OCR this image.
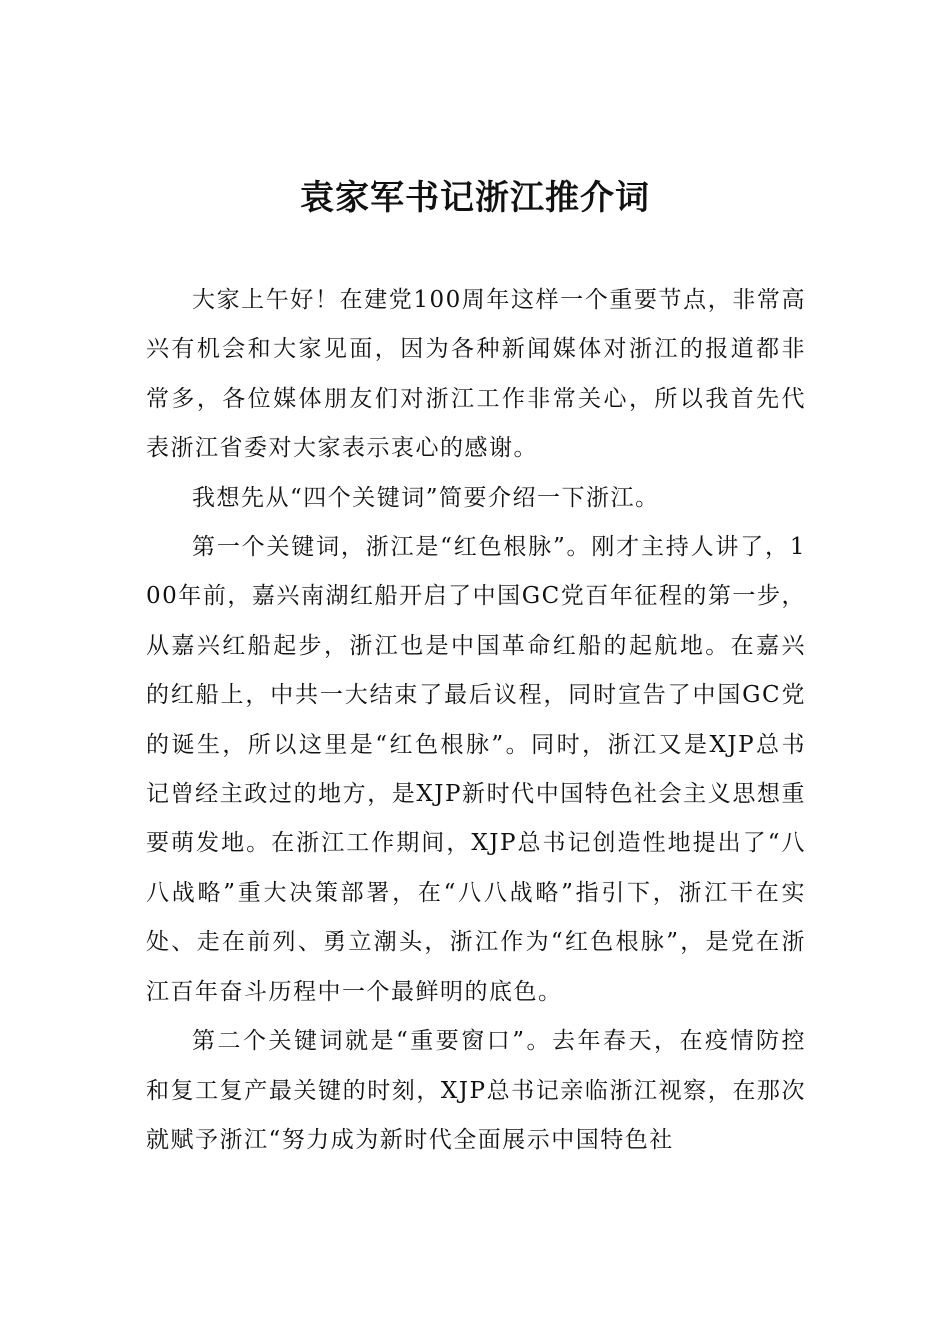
袁家军书记浙江推介词

大家上午好！在建党100周年这样一个重要节点，非常高兴有机会和大家见面，因为各种新闻媒体对浙江的报道都非常多，各位媒体朋友们对浙江工作非常关心，所以我首先代表浙江省委对大家表示衷心的感谢。

我想先从“四个关键词”简要介绍一下浙江。

第一个关键词，浙江是“红色根脉”。刚才主持人讲了，100年前，嘉兴南湖红船开启了中国GC党百年征程的第一步，从嘉兴红船起步，浙江也是中国革命红船的起航地。在嘉兴的红船上，中共一大结束了最后议程，同时宣告了中国GC党的诞生，所以这里是“红色根脉”。同时，浙江又是XJP总书记曾经主政过的地方，是XJP新时代中国特色社会主义思想重要萌发地。在浙江工作期间，XJP总书记创造性地提出了“八八战略”重大决策部署，在“八八战略”指引下，浙江干在实处、走在前列、勇立潮头，浙江作为“红色根脉”，是党在浙江百年奋斗历程中一个最鲜明的底色。

第二个关键词就是“重要窗口”。去年春天，在疫情防控和复工复产最关键的时刻，XJP总书记亲临浙江视察，在那次就赋予浙江“努力成为新时代全面展示中国特色社
